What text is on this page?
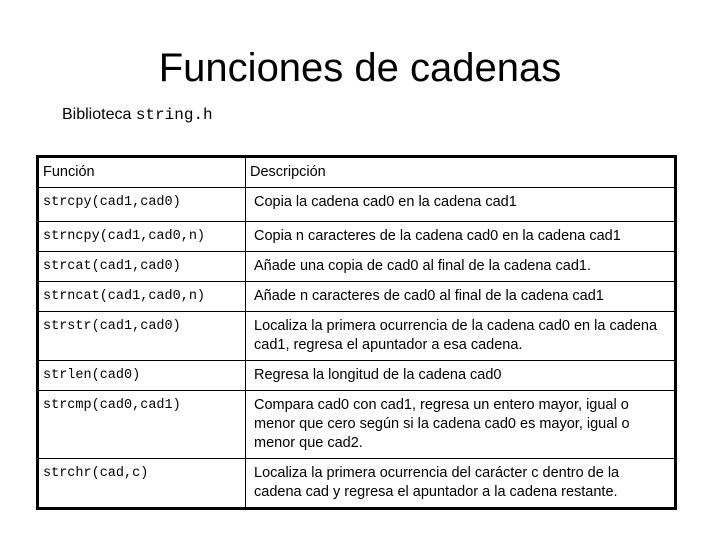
Funciones de cadenas
Biblioteca string.h
Función	Descripción
strcpy(cad1,cad0)	Copia la cadena cad0 en la cadena cad1
strncpy(cad1,cad0,n)	Copia n caracteres de la cadena cad0 en la cadena cad1
strcat(cad1,cad0)	Añade una copia de cad0 al final de la cadena cad1.
strncat(cad1,cad0,n)	Añade n caracteres de cad0 al final de la cadena cad1
strstr(cad1,cad0)	Localiza la primera ocurrencia de la cadena cad0 en la cadena cad1, regresa el apuntador a esa cadena.
strlen(cad0)	Regresa la longitud de la cadena cad0
strcmp(cad0,cad1)	Compara cad0 con cad1, regresa un entero mayor, igual o menor que cero según si la cadena cad0 es mayor, igual o menor que cad2.
strchr(cad,c)	Localiza la primera ocurrencia del carácter c dentro de la cadena cad y regresa el apuntador a la cadena restante.
